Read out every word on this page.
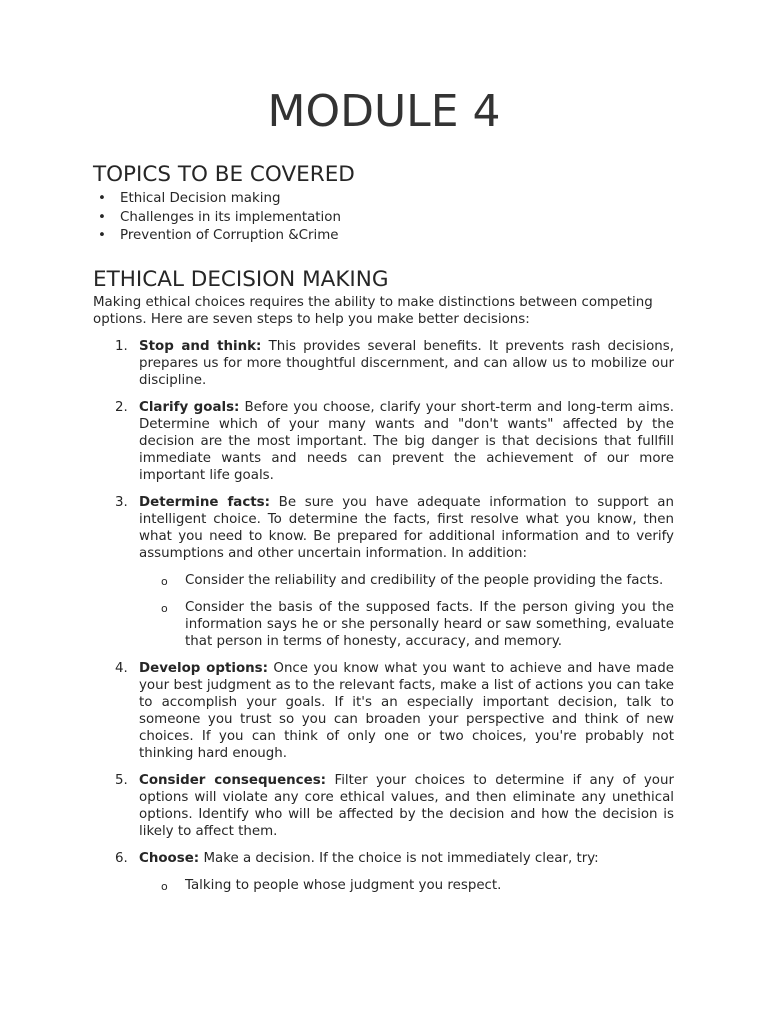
MODULE 4
TOPICS TO BE COVERED
• Ethical Decision making
• Challenges in its implementation
• Prevention of Corruption &Crime
ETHICAL DECISION MAKING

Making ethical choices requires the ability to make distinctions between competing options. Here are seven steps to help you make better decisions:

1. Stop and think: This provides several benefits. It prevents rash decisions, prepares us for more thoughtful discernment, and can allow us to mobilize our discipline.
2. Clarify goals: Before you choose, clarify your short-term and long-term aims. Determine which of your many wants and "don't wants" affected by the decision are the most important. The big danger is that decisions that fullfill immediate wants and needs can prevent the achievement of our more important life goals.
3. Determine facts: Be sure you have adequate information to support an intelligent choice. To determine the facts, first resolve what you know, then what you need to know. Be prepared for additional information and to verify assumptions and other uncertain information. In addition:
o Consider the reliability and credibility of the people providing the facts.
o Consider the basis of the supposed facts. If the person giving you the information says he or she personally heard or saw something, evaluate that person in terms of honesty, accuracy, and memory.
4. Develop options: Once you know what you want to achieve and have made your best judgment as to the relevant facts, make a list of actions you can take to accomplish your goals. If it's an especially important decision, talk to someone you trust so you can broaden your perspective and think of new choices. If you can think of only one or two choices, you're probably not thinking hard enough.
5. Consider consequences: Filter your choices to determine if any of your options will violate any core ethical values, and then eliminate any unethical options. Identify who will be affected by the decision and how the decision is likely to affect them.
6. Choose: Make a decision. If the choice is not immediately clear, try:
o Talking to people whose judgment you respect.
